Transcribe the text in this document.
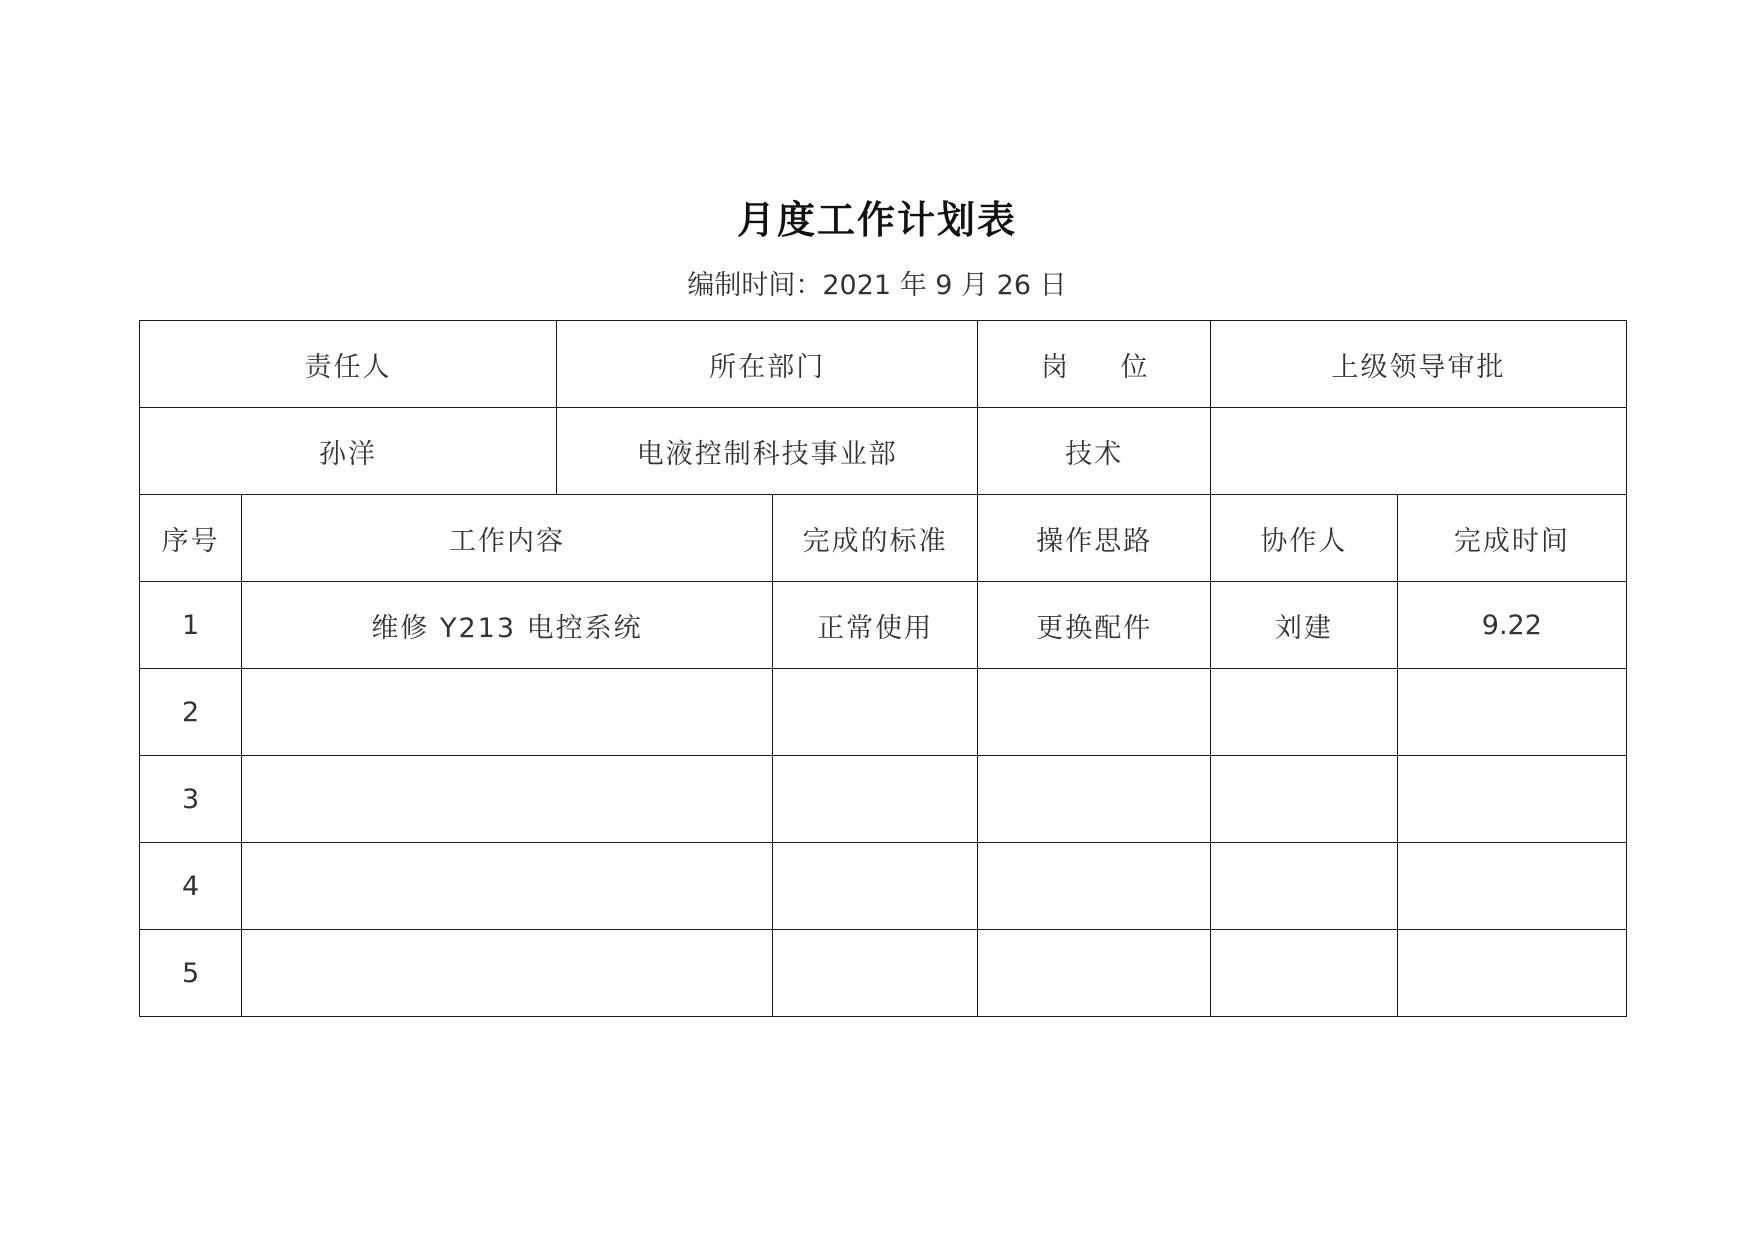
月度工作计划表
编制时间：2021 年 9 月 26 日
责任人		所在部门		岗 位	上级领导审批	
孙洋		电液控制科技事业部		技术		
序号	工作内容		完成的标准	操作思路	协作人	完成时间
1	维修 Y213 电控系统		正常使用	更换配件	刘建	9.22
2						
3						
4						
5						
